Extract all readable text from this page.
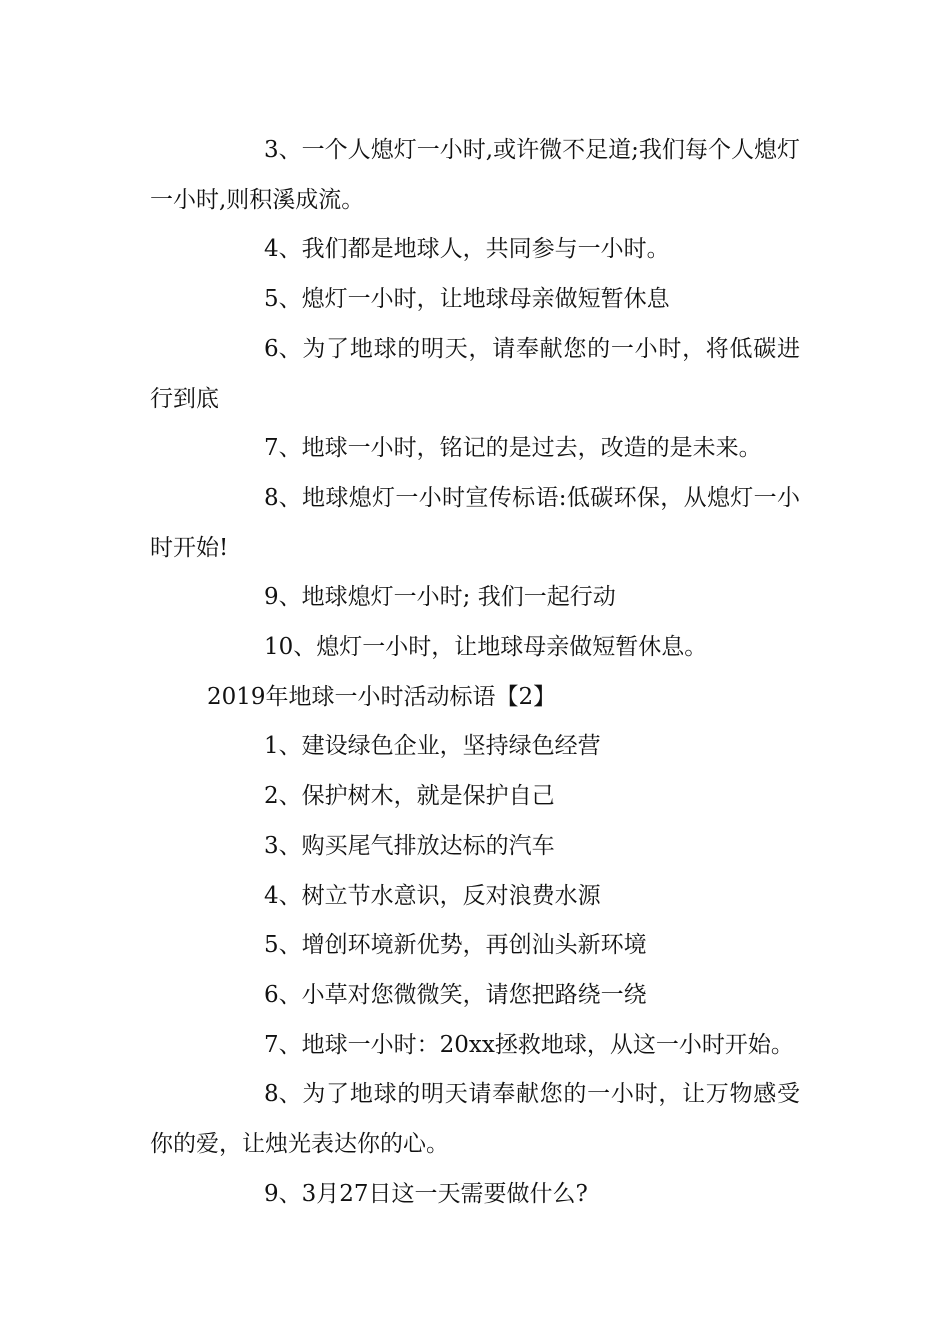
3、一个人熄灯一小时,或许微不足道;我们每个人熄灯一小时,则积溪成流。

4、我们都是地球人，共同参与一小时。

5、熄灯一小时，让地球母亲做短暂休息

6、为了地球的明天，请奉献您的一小时，将低碳进行到底

7、地球一小时，铭记的是过去，改造的是未来。

8、地球熄灯一小时宣传标语:低碳环保，从熄灯一小时开始!

9、地球熄灯一小时; 我们一起行动

10、熄灯一小时，让地球母亲做短暂休息。

2019年地球一小时活动标语【2】

1、建设绿色企业，坚持绿色经营

2、保护树木，就是保护自己

3、购买尾气排放达标的汽车

4、树立节水意识，反对浪费水源

5、增创环境新优势，再创汕头新环境

6、小草对您微微笑，请您把路绕一绕

7、地球一小时：20xx拯救地球，从这一小时开始。

8、为了地球的明天请奉献您的一小时，让万物感受你的爱，让烛光表达你的心。

9、3月27日这一天需要做什么?
